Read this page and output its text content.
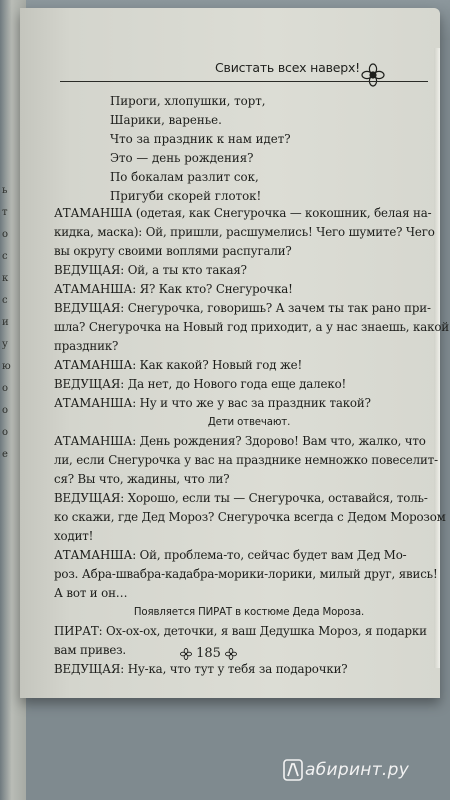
ь
т
о
с
к
с
и
у
ю
о
о
о
е
Свистать всех наверх!
Пироги, хлопушки, торт,
Шарики, варенье.
Что за праздник к нам идет?
Это — день рождения?
По бокалам разлит сок,
Пригуби скорей глоток!
АТАМАНША (одетая, как Снегурочка — кокошник, белая на-
кидка, маска): Ой, пришли, расшумелись! Чего шумите? Чего
вы округу своими воплями распугали?
ВЕДУЩАЯ: Ой, а ты кто такая?
АТАМАНША: Я? Как кто? Снегурочка!
ВЕДУЩАЯ: Снегурочка, говоришь? А зачем ты так рано при-
шла? Снегурочка на Новый год приходит, а у нас знаешь, какой
праздник?
АТАМАНША: Как какой? Новый год же!
ВЕДУЩАЯ: Да нет, до Нового года еще далеко!
АТАМАНША: Ну и что же у вас за праздник такой?
Дети отвечают.
АТАМАНША: День рождения? Здорово! Вам что, жалко, что
ли, если Снегурочка у вас на празднике немножко повеселит-
ся? Вы что, жадины, что ли?
ВЕДУЩАЯ: Хорошо, если ты — Снегурочка, оставайся, толь-
ко скажи, где Дед Мороз? Снегурочка всегда с Дедом Морозом
ходит!
АТАМАНША: Ой, проблема-то, сейчас будет вам Дед Мо-
роз. Абра-швабра-кадабра-морики-лорики, милый друг, явись!
А вот и он…
Появляется ПИРАТ в костюме Деда Мороза.
ПИРАТ: Ох-ох-ох, деточки, я ваш Дедушка Мороз, я подарки
вам привез.
ВЕДУЩАЯ: Ну-ка, что тут у тебя за подарочки?
185
абиринт.ру
